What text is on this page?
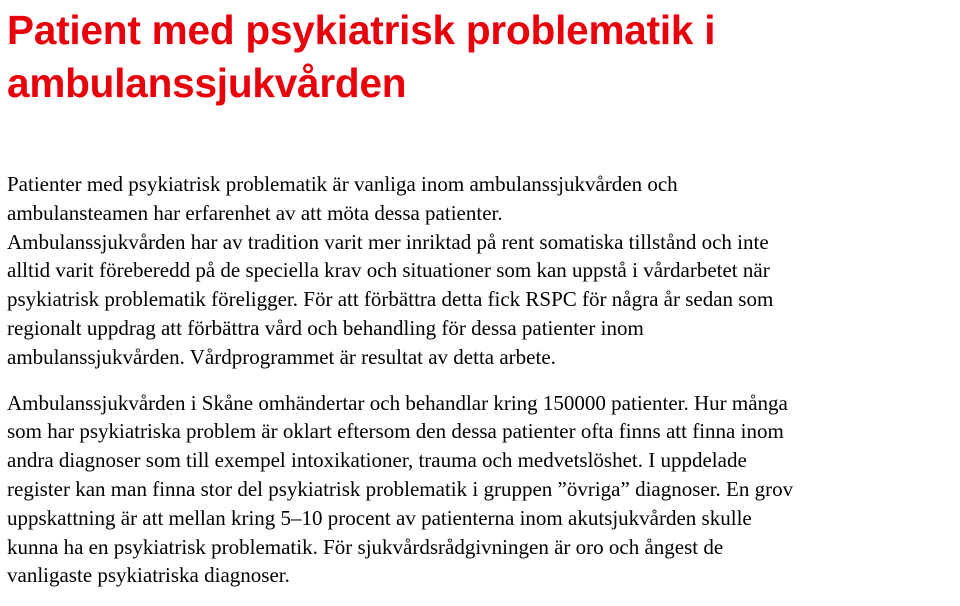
Patient med psykiatrisk problematik i
ambulanssjukvården

Patienter med psykiatrisk problematik är vanliga inom ambulanssjukvården och
ambulansteamen har erfarenhet av att möta dessa patienter.

Ambulanssjukvården har av tradition varit mer inriktad på rent somatiska tillstånd och inte
alltid varit föreberedd på de speciella krav och situationer som kan uppstå i vårdarbetet när
psykiatrisk problematik föreligger. För att förbättra detta fick RSPC för några år sedan som
regionalt uppdrag att förbättra vård och behandling för dessa patienter inom
ambulanssjukvården. Vårdprogrammet är resultat av detta arbete.

Ambulanssjukvården i Skåne omhändertar och behandlar kring 150000 patienter. Hur många
som har psykiatriska problem är oklart eftersom den dessa patienter ofta finns att finna inom
andra diagnoser som till exempel intoxikationer, trauma och medvetslöshet. I uppdelade
register kan man finna stor del psykiatrisk problematik i gruppen ”övriga” diagnoser. En grov
uppskattning är att mellan kring 5–10 procent av patienterna inom akutsjukvården skulle
kunna ha en psykiatrisk problematik. För sjukvårdsrådgivningen är oro och ångest de
vanligaste psykiatriska diagnoser.
